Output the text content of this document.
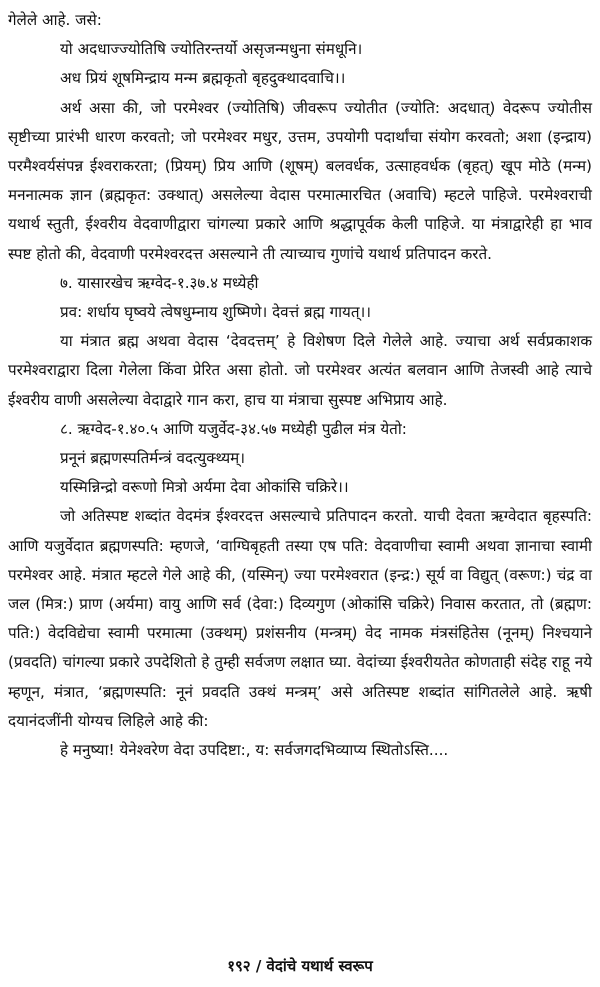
गेलेले आहे. जसे:

यो अदधाज्ज्योतिषि ज्योतिरन्तर्यो असृजन्मधुना संमधूनि।

अध प्रियं शूषमिन्द्राय मन्म ब्रह्मकृतो बृहदुक्थादवाचि।।

अर्थ असा की, जो परमेश्वर (ज्योतिषि) जीवरूप ज्योतीत (ज्योति: अदधात्) वेदरूप ज्योतीस सृष्टीच्या प्रारंभी धारण करवतो; जो परमेश्वर मधुर, उत्तम, उपयोगी पदार्थांचा संयोग करवतो; अशा (इन्द्राय) परमैश्वर्यसंपन्न ईश्वराकरता; (प्रियम्) प्रिय आणि (शूषम्) बलवर्धक, उत्साहवर्धक (बृहत्) खूप मोठे (मन्म) मननात्मक ज्ञान (ब्रह्मकृत: उक्थात्) असलेल्या वेदास परमात्मारचित (अवाचि) म्हटले पाहिजे. परमेश्वराची यथार्थ स्तुती, ईश्वरीय वेदवाणीद्वारा चांगल्या प्रकारे आणि श्रद्धापूर्वक केली पाहिजे. या मंत्राद्वारेही हा भाव स्पष्ट होतो की, वेदवाणी परमेश्वरदत्त असल्याने ती त्याच्याच गुणांचे यथार्थ प्रतिपादन करते.

७. यासारखेच ऋग्वेद-१.३७.४ मध्येही

प्रव: शर्धाय घृष्वये त्वेषधुम्नाय शुष्मिणे। देवत्तं ब्रह्म गायत्।।

या मंत्रात ब्रह्म अथवा वेदास ‘देवदत्तम्’ हे विशेषण दिले गेलेले आहे. ज्याचा अर्थ सर्वप्रकाशक परमेश्वराद्वारा दिला गेलेला किंवा प्रेरित असा होतो. जो परमेश्वर अत्यंत बलवान आणि तेजस्वी आहे त्याचे ईश्वरीय वाणी असलेल्या वेदाद्वारे गान करा, हाच या मंत्राचा सुस्पष्ट अभिप्राय आहे.

८. ऋग्वेद-१.४०.५ आणि यजुर्वेद-३४.५७ मध्येही पुढील मंत्र येतो:

प्रनूनं ब्रह्मणस्पतिर्मन्त्रं वदत्युक्थ्यम्।

यस्मिन्निन्द्रो वरूणो मित्रो अर्यमा देवा ओकांसि चक्रिरे।।

जो अतिस्पष्ट शब्दांत वेदमंत्र ईश्वरदत्त असल्याचे प्रतिपादन करतो. याची देवता ऋग्वेदात बृहस्पति: आणि यजुर्वेदात ब्रह्मणस्पति: म्हणजे, ‘वाग्घिबृहती तस्या एष पति: वेदवाणीचा स्वामी अथवा ज्ञानाचा स्वामी परमेश्वर आहे. मंत्रात म्हटले गेले आहे की, (यस्मिन्) ज्या परमेश्वरात (इन्द्र:) सूर्य वा विद्युत् (वरूण:) चंद्र वा जल (मित्र:) प्राण (अर्यमा) वायु आणि सर्व (देवा:) दिव्यगुण (ओकांसि चक्रिरे) निवास करतात, तो (ब्रह्मण: पति:) वेदविद्येचा स्वामी परमात्मा (उक्थम्) प्रशंसनीय (मन्त्रम्) वेद नामक मंत्रसंहितेस (नूनम्) निश्चयाने (प्रवदति) चांगल्या प्रकारे उपदेशितो हे तुम्ही सर्वजण लक्षात घ्या. वेदांच्या ईश्वरीयतेत कोणताही संदेह राहू नये म्हणून, मंत्रात, ‘ब्रह्मणस्पति: नूनं प्रवदति उक्थं मन्त्रम्’ असे अतिस्पष्ट शब्दांत सांगितलेले आहे. ऋषी दयानंदजींनी योग्यच लिहिले आहे की:

हे मनुष्या! येनेश्वरेण वेदा उपदिष्टा:, य: सर्वजगदभिव्याप्य स्थितोऽस्ति....

१९२ / वेदांचे यथार्थ स्वरूप
